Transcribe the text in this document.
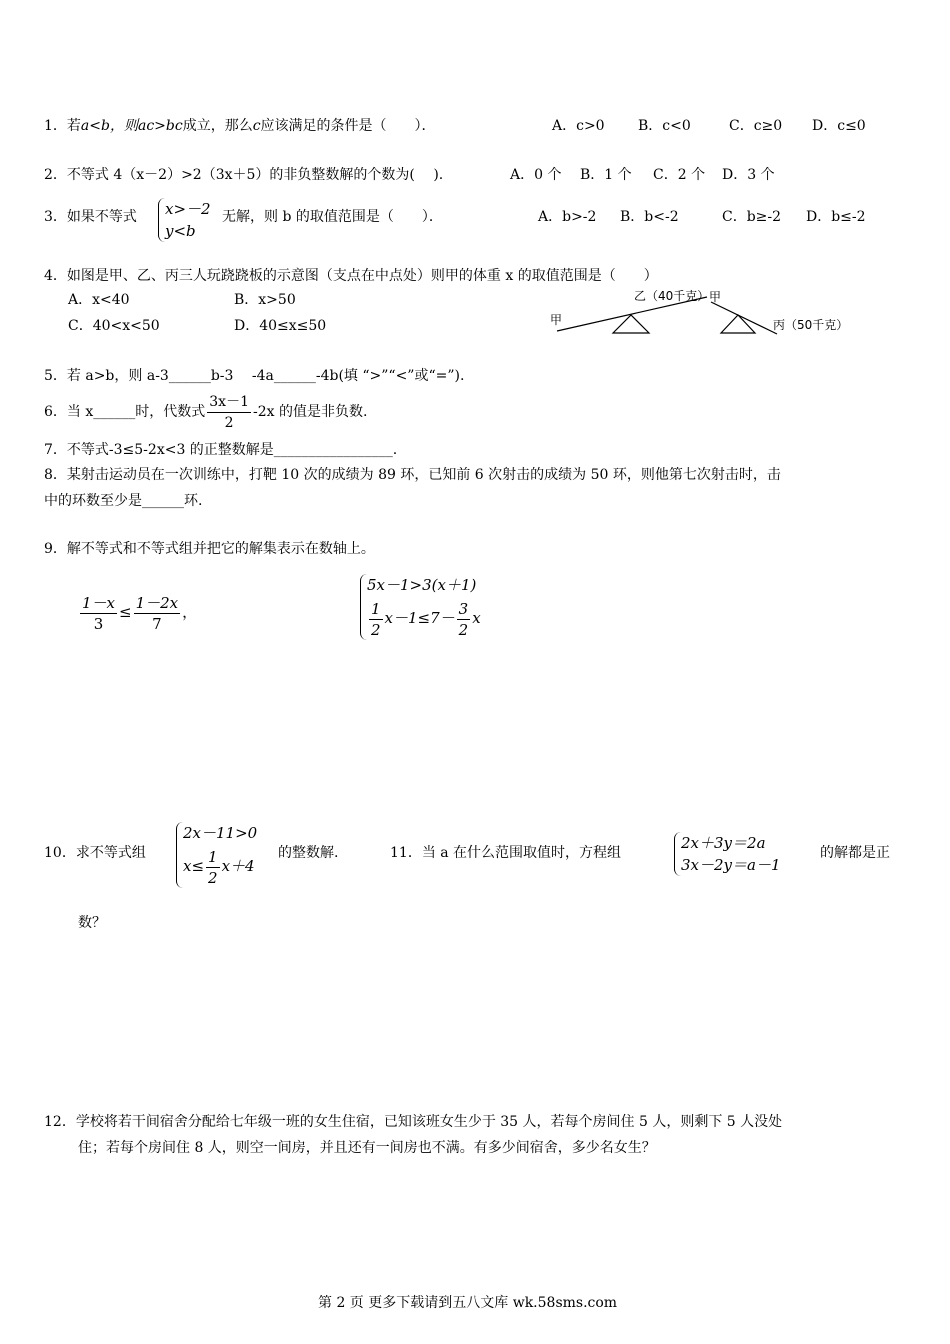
1．若a<b，则ac>bc成立，那么c应该满足的条件是（　　）．	A．c>0 B．c<0	C．c≥0 D．c≤0
2．不等式 4（x－2）>2（3x＋5）的非负整数解的个数为(　 ).	A．0 个 B．1 个 C．2 个 D．3 个
3．如果不等式 x>－2
y<b
无解，则 b 的取值范围是（　　）．	A．b>-2 B．b<-2	C．b≥-2 D．b≤-2
4．如图是甲、乙、丙三人玩跷跷板的示意图（支点在中点处）则甲的体重 x 的取值范围是（　　）
A．x<40	B．x>50
C．40<x<50	D．40≤x≤50	甲
乙（40千克） 甲
丙（50千克）
5．若 a>b，则 a-3______b-3　 -4a______-4b(填 “>”“<”或“=”).
6．当 x______时，代数式 $\frac{3x-1}{2} -2x$ 的值是非负数.
7．不等式-3≤5-2x<3 的正整数解是_________________.
8．某射击运动员在一次训练中，打靶 10 次的成绩为 89 环，已知前 6 次射击的成绩为 50 环，则他第七次射击时，击
中的环数至少是______环.
9．解不等式和不等式组并把它的解集表示在数轴上。
$\frac{1-x}{3} \le \frac{1-2x}{7}$ ，
5x－1>3(x＋1)
$\frac{1}{2} x-1\le 7- \frac{3}{2}$ x
10．求不等式组
2x－11>0
$x\le \frac{1}{2} x+4$
的整数解.	11．当 a 在什么范围取值时，方程组
2x＋3y＝2a
3x－2y＝a－1
的解都是正
数？
12．学校将若干间宿舍分配给七年级一班的女生住宿，已知该班女生少于 35 人，若每个房间住 5 人，则剩下 5 人没处
住；若每个房间住 8 人，则空一间房，并且还有一间房也不满。有多少间宿舍，多少名女生？
第 2 页 更多下载请到五八文库 wk.58sms.com
